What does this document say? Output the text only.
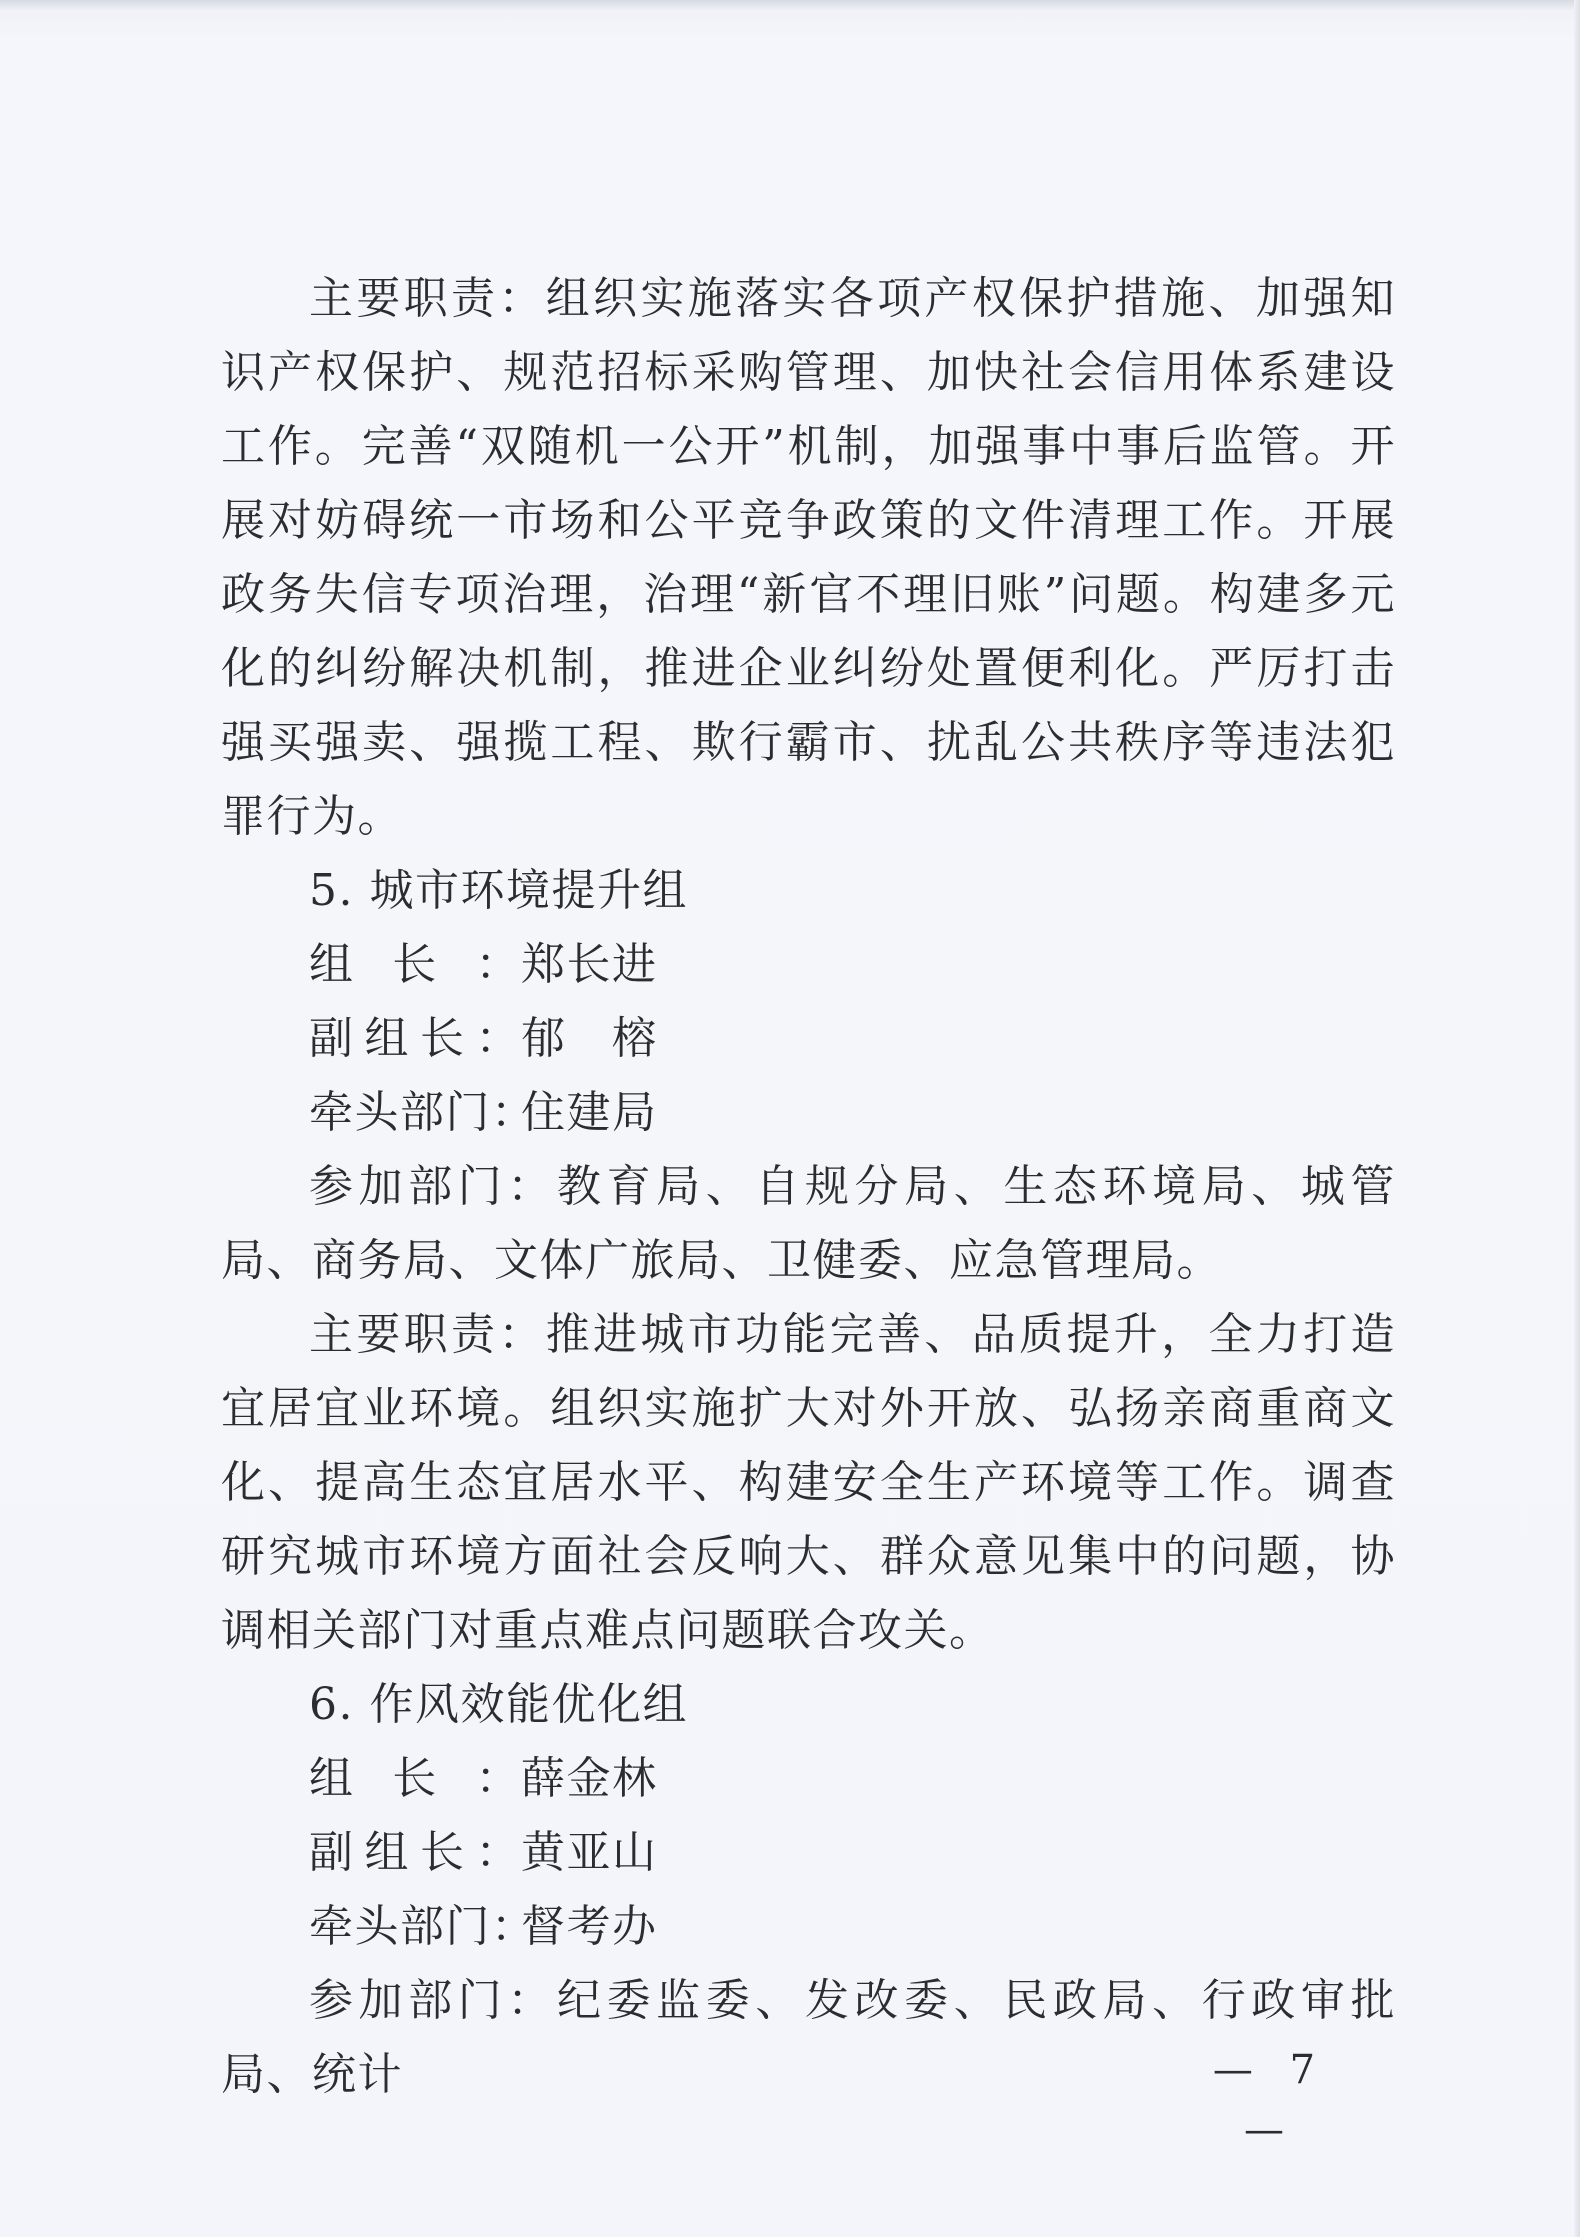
主要职责：组织实施落实各项产权保护措施、加强知识产权保护、规范招标采购管理、加快社会信用体系建设工作。完善“双随机一公开”机制，加强事中事后监管。开展对妨碍统一市场和公平竞争政策的文件清理工作。开展政务失信专项治理，治理“新官不理旧账”问题。构建多元化的纠纷解决机制，推进企业纠纷处置便利化。严厉打击强买强卖、强揽工程、欺行霸市、扰乱公共秩序等违法犯罪行为。

5. 城市环境提升组

组长：郑长进

副组长：郁　榕

牵头部门：住建局

参加部门：教育局、自规分局、生态环境局、城管局、商务局、文体广旅局、卫健委、应急管理局。

主要职责：推进城市功能完善、品质提升，全力打造宜居宜业环境。组织实施扩大对外开放、弘扬亲商重商文化、提高生态宜居水平、构建安全生产环境等工作。调查研究城市环境方面社会反响大、群众意见集中的问题，协调相关部门对重点难点问题联合攻关。

6. 作风效能优化组

组长：薛金林

副组长：黄亚山

牵头部门：督考办

参加部门：纪委监委、发改委、民政局、行政审批局、统计	— 7 —
